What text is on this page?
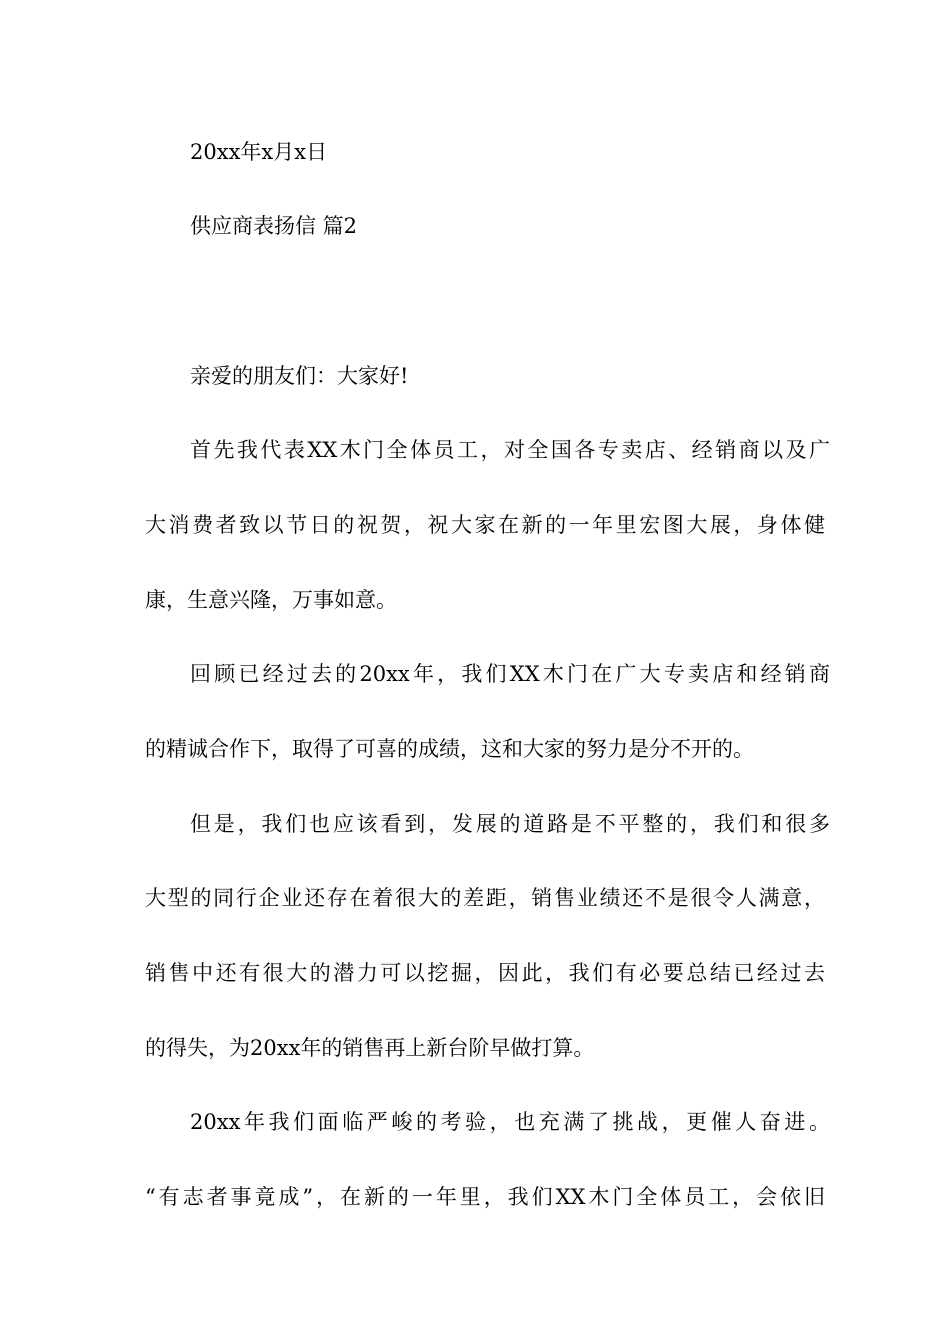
20xx年x月x日
供应商表扬信 篇2
亲爱的朋友们：大家好!
首先我代表XX木门全体员工，对全国各专卖店、经销商以及广
大消费者致以节日的祝贺，祝大家在新的一年里宏图大展，身体健
康，生意兴隆，万事如意。
回顾已经过去的20xx年，我们XX木门在广大专卖店和经销商
的精诚合作下，取得了可喜的成绩，这和大家的努力是分不开的。
但是，我们也应该看到，发展的道路是不平整的，我们和很多
大型的同行企业还存在着很大的差距，销售业绩还不是很令人满意，
销售中还有很大的潜力可以挖掘，因此，我们有必要总结已经过去
的得失，为20xx年的销售再上新台阶早做打算。
20xx年我们面临严峻的考验，也充满了挑战，更催人奋进。
“有志者事竟成”，在新的一年里，我们XX木门全体员工，会依旧
